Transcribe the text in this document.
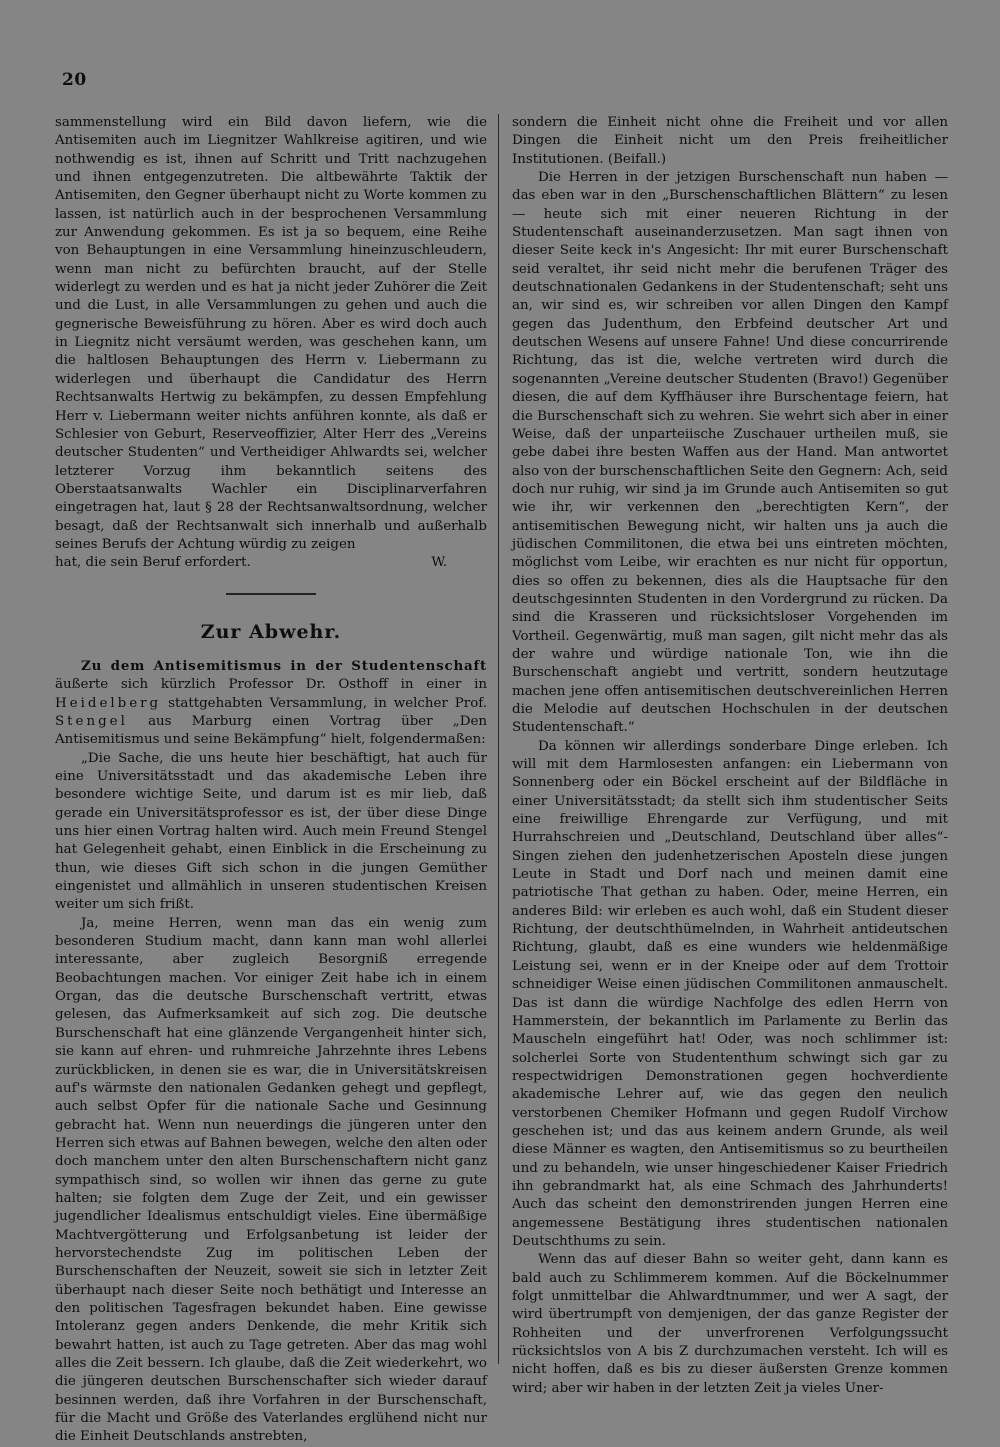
20

sammenstellung wird ein Bild davon liefern, wie die Antisemiten auch im Liegnitzer Wahlkreise agitiren, und wie nothwendig es ist, ihnen auf Schritt und Tritt nachzugehen und ihnen entgegenzutreten. Die altbewährte Taktik der Antisemiten, den Gegner überhaupt nicht zu Worte kommen zu lassen, ist natürlich auch in der besprochenen Versammlung zur Anwendung gekommen. Es ist ja so bequem, eine Reihe von Behauptungen in eine Versammlung hineinzuschleudern, wenn man nicht zu befürchten braucht, auf der Stelle widerlegt zu werden und es hat ja nicht jeder Zuhörer die Zeit und die Lust, in alle Versammlungen zu gehen und auch die gegnerische Beweisführung zu hören. Aber es wird doch auch in Liegnitz nicht versäumt werden, was geschehen kann, um die haltlosen Behauptungen des Herrn v. Liebermann zu widerlegen und überhaupt die Candidatur des Herrn Rechtsanwalts Hertwig zu bekämpfen, zu dessen Empfehlung Herr v. Liebermann weiter nichts anführen konnte, als daß er Schlesier von Geburt, Reserveoffizier, Alter Herr des „Vereins deutscher Studenten“ und Vertheidiger Ahlwardts sei, welcher letzterer Vorzug ihm bekanntlich seitens des Oberstaatsanwalts Wachler ein Disciplinarverfahren eingetragen hat, laut § 28 der Rechtsanwaltsordnung, welcher besagt, daß der Rechtsanwalt sich innerhalb und außerhalb seines Berufs der Achtung würdig zu zeigen

hat, die sein Beruf erfordert.	W.
Zur Abwehr.

Zu dem Antisemitismus in der Studentenschaft äußerte sich kürzlich Professor Dr. Osthoff in einer in Heidelberg stattgehabten Versammlung, in welcher Prof. Stengel aus Marburg einen Vortrag über „Den Antisemitismus und seine Bekämpfung“ hielt, folgendermaßen:

„Die Sache, die uns heute hier beschäftigt, hat auch für eine Universitätsstadt und das akademische Leben ihre besondere wichtige Seite, und darum ist es mir lieb, daß gerade ein Universitätsprofessor es ist, der über diese Dinge uns hier einen Vortrag halten wird. Auch mein Freund Stengel hat Gelegenheit gehabt, einen Einblick in die Erscheinung zu thun, wie dieses Gift sich schon in die jungen Gemüther eingenistet und allmählich in unseren studentischen Kreisen weiter um sich frißt.

Ja, meine Herren, wenn man das ein wenig zum besonderen Studium macht, dann kann man wohl allerlei interessante, aber zugleich Besorgniß erregende Beobachtungen machen. Vor einiger Zeit habe ich in einem Organ, das die deutsche Burschenschaft vertritt, etwas gelesen, das Aufmerksamkeit auf sich zog. Die deutsche Burschenschaft hat eine glänzende Vergangenheit hinter sich, sie kann auf ehren- und ruhmreiche Jahrzehnte ihres Lebens zurückblicken, in denen sie es war, die in Universitätskreisen auf's wärmste den nationalen Gedanken gehegt und gepflegt, auch selbst Opfer für die nationale Sache und Gesinnung gebracht hat. Wenn nun neuerdings die jüngeren unter den Herren sich etwas auf Bahnen bewegen, welche den alten oder doch manchem unter den alten Burschenschaftern nicht ganz sympathisch sind, so wollen wir ihnen das gerne zu gute halten; sie folgten dem Zuge der Zeit, und ein gewisser jugendlicher Idealismus entschuldigt vieles. Eine übermäßige Machtvergötterung und Erfolgsanbetung ist leider der hervorstechendste Zug im politischen Leben der Burschenschaften der Neuzeit, soweit sie sich in letzter Zeit überhaupt nach dieser Seite noch bethätigt und Interesse an den politischen Tagesfragen bekundet haben. Eine gewisse Intoleranz gegen anders Denkende, die mehr Kritik sich bewahrt hatten, ist auch zu Tage getreten. Aber das mag wohl alles die Zeit bessern. Ich glaube, daß die Zeit wiederkehrt, wo die jüngeren deutschen Burschenschafter sich wieder darauf besinnen werden, daß ihre Vorfahren in der Burschenschaft, für die Macht und Größe des Vaterlandes erglühend nicht nur die Einheit Deutschlands anstrebten,

sondern die Einheit nicht ohne die Freiheit und vor allen Dingen die Einheit nicht um den Preis freiheitlicher Institutionen. (Beifall.)

Die Herren in der jetzigen Burschenschaft nun haben — das eben war in den „Burschenschaftlichen Blättern“ zu lesen — heute sich mit einer neueren Richtung in der Studentenschaft auseinanderzusetzen. Man sagt ihnen von dieser Seite keck in's Angesicht: Ihr mit eurer Burschenschaft seid veraltet, ihr seid nicht mehr die berufenen Träger des deutschnationalen Gedankens in der Studentenschaft; seht uns an, wir sind es, wir schreiben vor allen Dingen den Kampf gegen das Judenthum, den Erbfeind deutscher Art und deutschen Wesens auf unsere Fahne! Und diese concurrirende Richtung, das ist die, welche vertreten wird durch die sogenannten „Vereine deutscher Studenten (Bravo!) Gegenüber diesen, die auf dem Kyffhäuser ihre Burschentage feiern, hat die Burschenschaft sich zu wehren. Sie wehrt sich aber in einer Weise, daß der unparteiische Zuschauer urtheilen muß, sie gebe dabei ihre besten Waffen aus der Hand. Man antwortet also von der burschenschaftlichen Seite den Gegnern: Ach, seid doch nur ruhig, wir sind ja im Grunde auch Antisemiten so gut wie ihr, wir verkennen den „berechtigten Kern“, der antisemitischen Bewegung nicht, wir halten uns ja auch die jüdischen Commilitonen, die etwa bei uns eintreten möchten, möglichst vom Leibe, wir erachten es nur nicht für opportun, dies so offen zu bekennen, dies als die Hauptsache für den deutschgesinnten Studenten in den Vordergrund zu rücken. Da sind die Krasseren und rücksichtsloser Vorgehenden im Vortheil. Gegenwärtig, muß man sagen, gilt nicht mehr das als der wahre und würdige nationale Ton, wie ihn die Burschenschaft angiebt und vertritt, sondern heutzutage machen jene offen antisemitischen deutschvereinlichen Herren die Melodie auf deutschen Hochschulen in der deutschen Studentenschaft.“

Da können wir allerdings sonderbare Dinge erleben. Ich will mit dem Harmlosesten anfangen: ein Liebermann von Sonnenberg oder ein Böckel erscheint auf der Bildfläche in einer Universitätsstadt; da stellt sich ihm studentischer Seits eine freiwillige Ehrengarde zur Verfügung, und mit Hurrahschreien und „Deutschland, Deutschland über alles“-Singen ziehen den judenhetzerischen Aposteln diese jungen Leute in Stadt und Dorf nach und meinen damit eine patriotische That gethan zu haben. Oder, meine Herren, ein anderes Bild: wir erleben es auch wohl, daß ein Student dieser Richtung, der deutschthümelnden, in Wahrheit antideutschen Richtung, glaubt, daß es eine wunders wie heldenmäßige Leistung sei, wenn er in der Kneipe oder auf dem Trottoir schneidiger Weise einen jüdischen Commilitonen anmauschelt. Das ist dann die würdige Nachfolge des edlen Herrn von Hammerstein, der bekanntlich im Parlamente zu Berlin das Mauscheln eingeführt hat! Oder, was noch schlimmer ist: solcherlei Sorte von Studententhum schwingt sich gar zu respectwidrigen Demonstrationen gegen hochverdiente akademische Lehrer auf, wie das gegen den neulich verstorbenen Chemiker Hofmann und gegen Rudolf Virchow geschehen ist; und das aus keinem andern Grunde, als weil diese Männer es wagten, den Antisemitismus so zu beurtheilen und zu behandeln, wie unser hingeschiedener Kaiser Friedrich ihn gebrandmarkt hat, als eine Schmach des Jahrhunderts! Auch das scheint den demonstrirenden jungen Herren eine angemessene Bestätigung ihres studentischen nationalen Deutschthums zu sein.

Wenn das auf dieser Bahn so weiter geht, dann kann es bald auch zu Schlimmerem kommen. Auf die Böckelnummer folgt unmittelbar die Ahlwardtnummer, und wer A sagt, der wird übertrumpft von demjenigen, der das ganze Register der Rohheiten und der unverfrorenen Verfolgungssucht rücksichtslos von A bis Z durchzumachen versteht. Ich will es nicht hoffen, daß es bis zu dieser äußersten Grenze kommen wird; aber wir haben in der letzten Zeit ja vieles Uner-
